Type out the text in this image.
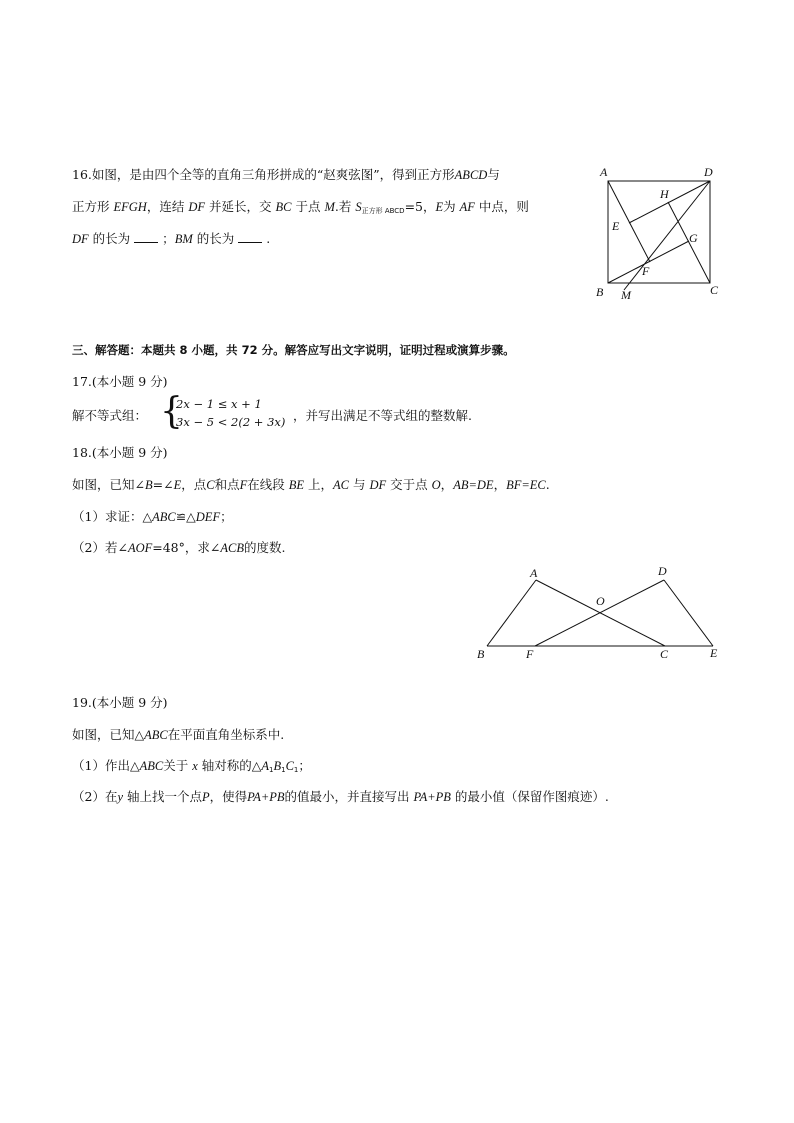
16.如图，是由四个全等的直角三角形拼成的“赵爽弦图”，得到正方形ABCD与
正方形 EFGH，连结 DF 并延长，交 BC 于点 M.若 $S_{正方形 ABCD}=5$，E为 AF 中点，则
DF 的长为	；BM 的长为	.
A	D
H
E
G
F
B M	C
三、解答题：本题共 8 小题，共 72 分。解答应写出文字说明，证明过程或演算步骤。
17.(本小题 9 分)
解不等式组： {
2x − 1 ≤ x + 1
3x − 5 < 2(2 + 3x) ，并写出满足不等式组的整数解.
18.(本小题 9 分)
如图，已知∠B=∠E，点C和点F在线段 BE 上，AC 与 DF 交于点 O，AB=DE，BF=EC.
（1）求证：△ABC≌△DEF；
（2）若∠AOF=48°，求∠ACB的度数.
A	D
O
B	F	C	E
19.(本小题 9 分)
如图，已知△ABC在平面直角坐标系中.
（1）作出△ABC关于 x 轴对称的$\triangle A_1B_1C_1$；
（2）在y 轴上找一个点P，使得PA+PB的值最小，并直接写出 PA+PB 的最小值（保留作图痕迹）.
